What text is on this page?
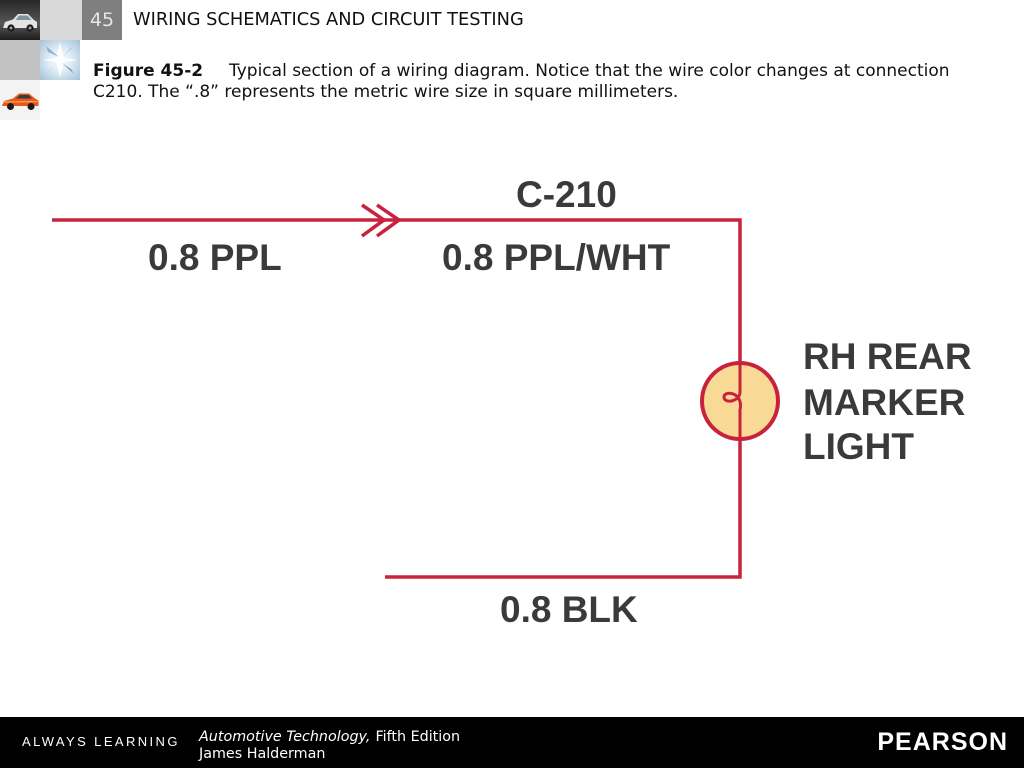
45	WIRING SCHEMATICS AND CIRCUIT TESTING

Figure 45-2 Typical section of a wiring diagram. Notice that the wire color changes at connection C210. The “.8” represents the metric wire size in square millimeters.

C-210
0.8 PPL	0.8 PPL/WHT
RH REAR
MARKER
LIGHT
0.8 BLK
ALWAYS LEARNING Automotive Technology, Fifth Edition
James Halderman	PEARSON
